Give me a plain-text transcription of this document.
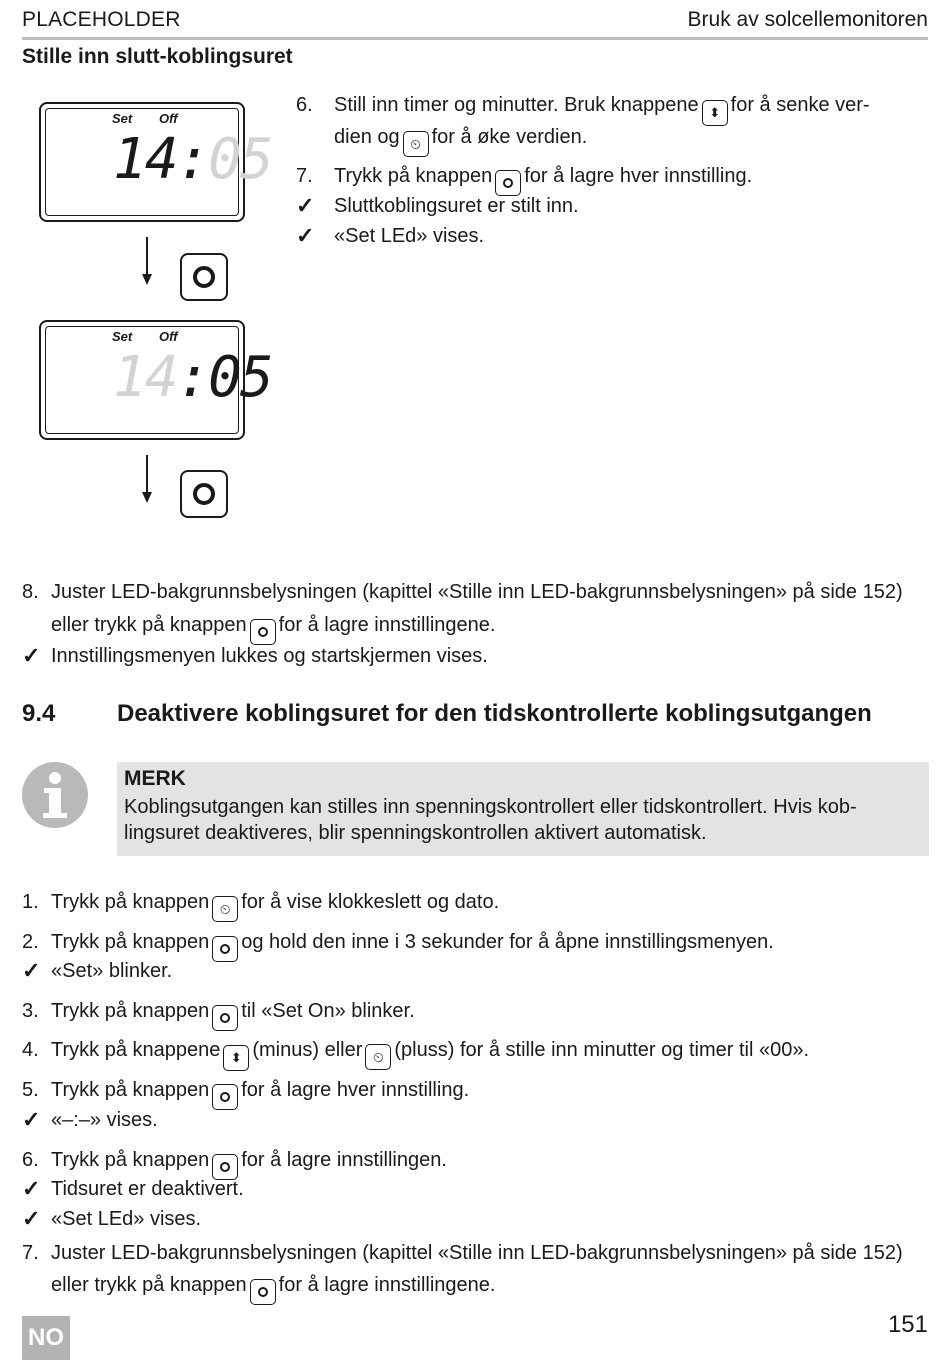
PLACEHOLDER	Bruk av solcellemonitoren
Stille inn slutt-koblingsuret
Set Off
14:05
Set Off
14:05
6.	Still inn timer og minutter. Bruk knappene ⬍ for å senke ver-
dien og ⏲ for å øke verdien.
7.	Trykk på knappen for å lagre hver innstilling.
✓ Sluttkoblingsuret er stilt inn.
✓ «Set LEd» vises.
8. Juster LED-bakgrunnsbelysningen (kapittel «Stille inn LED-bakgrunnsbelysningen» på side 152)
eller trykk på knappen for å lagre innstillingene.
✓ Innstillingsmenyen lukkes og startskjermen vises.
9.4	Deaktivere koblingsuret for den tidskontrollerte koblingsutgangen
MERK
Koblingsutgangen kan stilles inn spenningskontrollert eller tidskontrollert. Hvis kob-
lingsuret deaktiveres, blir spenningskontrollen aktivert automatisk.
1. Trykk på knappen ⏲ for å vise klokkeslett og dato.
2. Trykk på knappen og hold den inne i 3 sekunder for å åpne innstillingsmenyen.
✓ «Set» blinker.
3. Trykk på knappen til «Set On» blinker.
4. Trykk på knappene ⬍ (minus) eller ⏲ (pluss) for å stille inn minutter og timer til «00».
5. Trykk på knappen for å lagre hver innstilling.
✓ «–:–» vises.
6. Trykk på knappen for å lagre innstillingen.
✓ Tidsuret er deaktivert.
✓ «Set LEd» vises.
7. Juster LED-bakgrunnsbelysningen (kapittel «Stille inn LED-bakgrunnsbelysningen» på side 152)
eller trykk på knappen for å lagre innstillingene.
151
NO
